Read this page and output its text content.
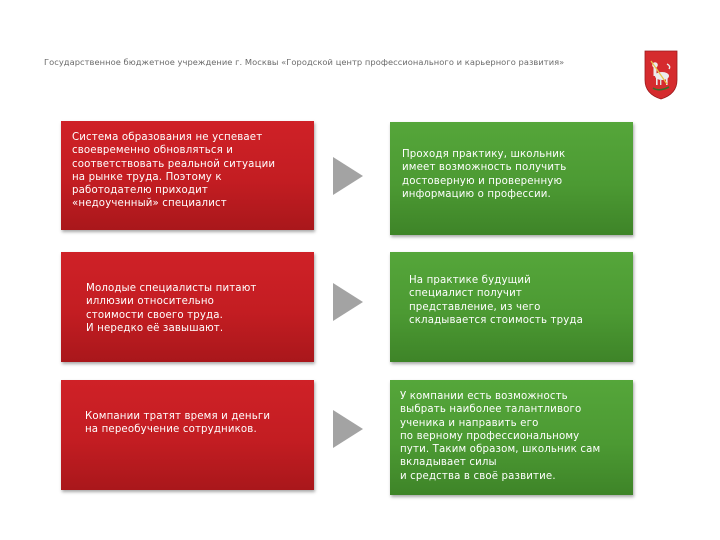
Государственное бюджетное учреждение г. Москвы «Городской центр профессионального и карьерного развития»
Система образования не успевает
своевременно обновляться и
соответствовать реальной ситуации
на рынке труда. Поэтому к
работодателю приходит
«недоученный» специалист
Проходя практику, школьник
имеет возможность получить
достоверную и проверенную
информацию о профессии.
Молодые специалисты питают
иллюзии относительно
стоимости своего труда.
И нередко её завышают.
На практике будущий
специалист получит
представление, из чего
складывается стоимость труда
Компании тратят время и деньги
на переобучение сотрудников.
У компании есть возможность
выбрать наиболее талантливого
ученика и направить его
по верному профессиональному
пути. Таким образом, школьник сам
вкладывает силы
и средства в своё развитие.
